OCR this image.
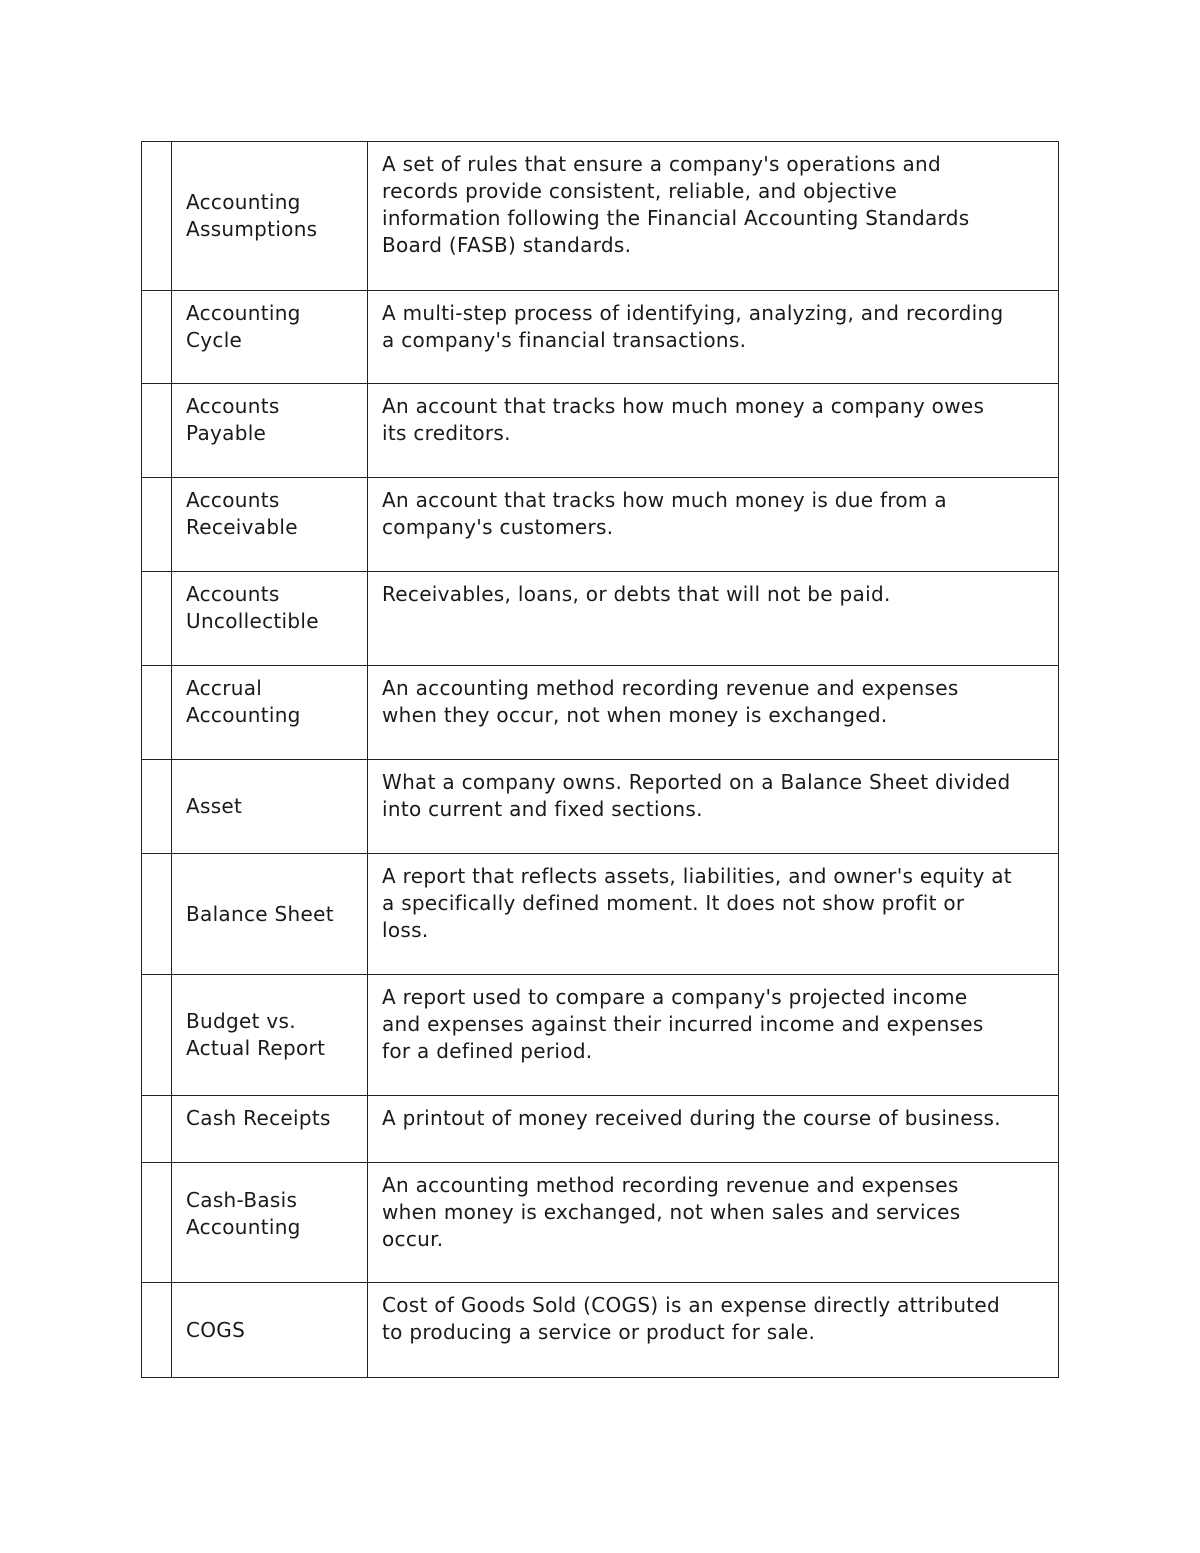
	Accounting
Assumptions	A set of rules that ensure a company's operations and
records provide consistent, reliable, and objective
information following the Financial Accounting Standards
Board (FASB) standards.
	Accounting
Cycle	A multi-step process of identifying, analyzing, and recording
a company's financial transactions.
	Accounts
Payable	An account that tracks how much money a company owes
its creditors.
	Accounts
Receivable	An account that tracks how much money is due from a
company's customers.
	Accounts
Uncollectible	Receivables, loans, or debts that will not be paid.
	Accrual
Accounting	An accounting method recording revenue and expenses
when they occur, not when money is exchanged.
	Asset	What a company owns. Reported on a Balance Sheet divided
into current and fixed sections.
	Balance Sheet	A report that reflects assets, liabilities, and owner's equity at
a specifically defined moment. It does not show profit or
loss.
	Budget vs.
Actual Report	A report used to compare a company's projected income
and expenses against their incurred income and expenses
for a defined period.
	Cash Receipts	A printout of money received during the course of business.
	Cash-Basis
Accounting	An accounting method recording revenue and expenses
when money is exchanged, not when sales and services
occur.
	COGS	Cost of Goods Sold (COGS) is an expense directly attributed
to producing a service or product for sale.
